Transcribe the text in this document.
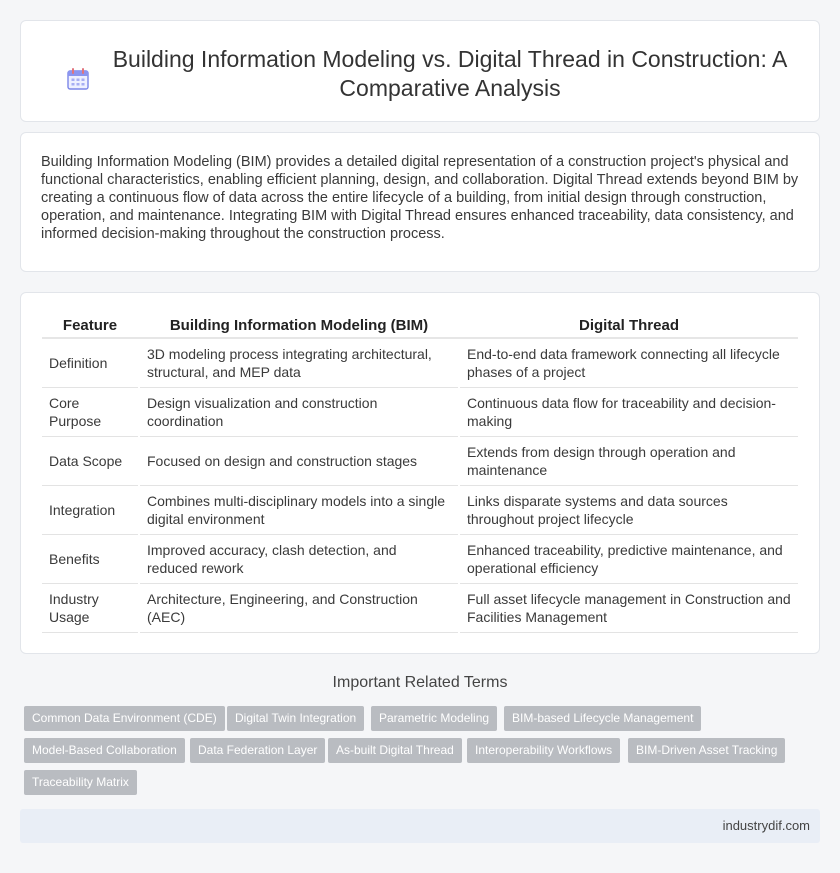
Building Information Modeling vs. Digital Thread in Construction: A Comparative Analysis

Building Information Modeling (BIM) provides a detailed digital representation of a construction project's physical and functional characteristics, enabling efficient planning, design, and collaboration. Digital Thread extends beyond BIM by creating a continuous flow of data across the entire lifecycle of a building, from initial design through construction, operation, and maintenance. Integrating BIM with Digital Thread ensures enhanced traceability, data consistency, and informed decision-making throughout the construction process.

Feature	Building Information Modeling (BIM)	Digital Thread
Definition	3D modeling process integrating architectural, structural, and MEP data	End-to-end data framework connecting all lifecycle phases of a project
Core Purpose	Design visualization and construction coordination	Continuous data flow for traceability and decision-making
Data Scope	Focused on design and construction stages	Extends from design through operation and maintenance
Integration	Combines multi-disciplinary models into a single digital environment	Links disparate systems and data sources throughout project lifecycle
Benefits	Improved accuracy, clash detection, and reduced rework	Enhanced traceability, predictive maintenance, and operational efficiency
Industry Usage	Architecture, Engineering, and Construction (AEC)	Full asset lifecycle management in Construction and Facilities Management
Important Related Terms
Common Data Environment (CDE)	Digital Twin Integration	Parametric Modeling	BIM-based Lifecycle Management
Model-Based Collaboration	Data Federation Layer	As-built Digital Thread	Interoperability Workflows	BIM-Driven Asset Tracking
Traceability Matrix
industrydif.com
